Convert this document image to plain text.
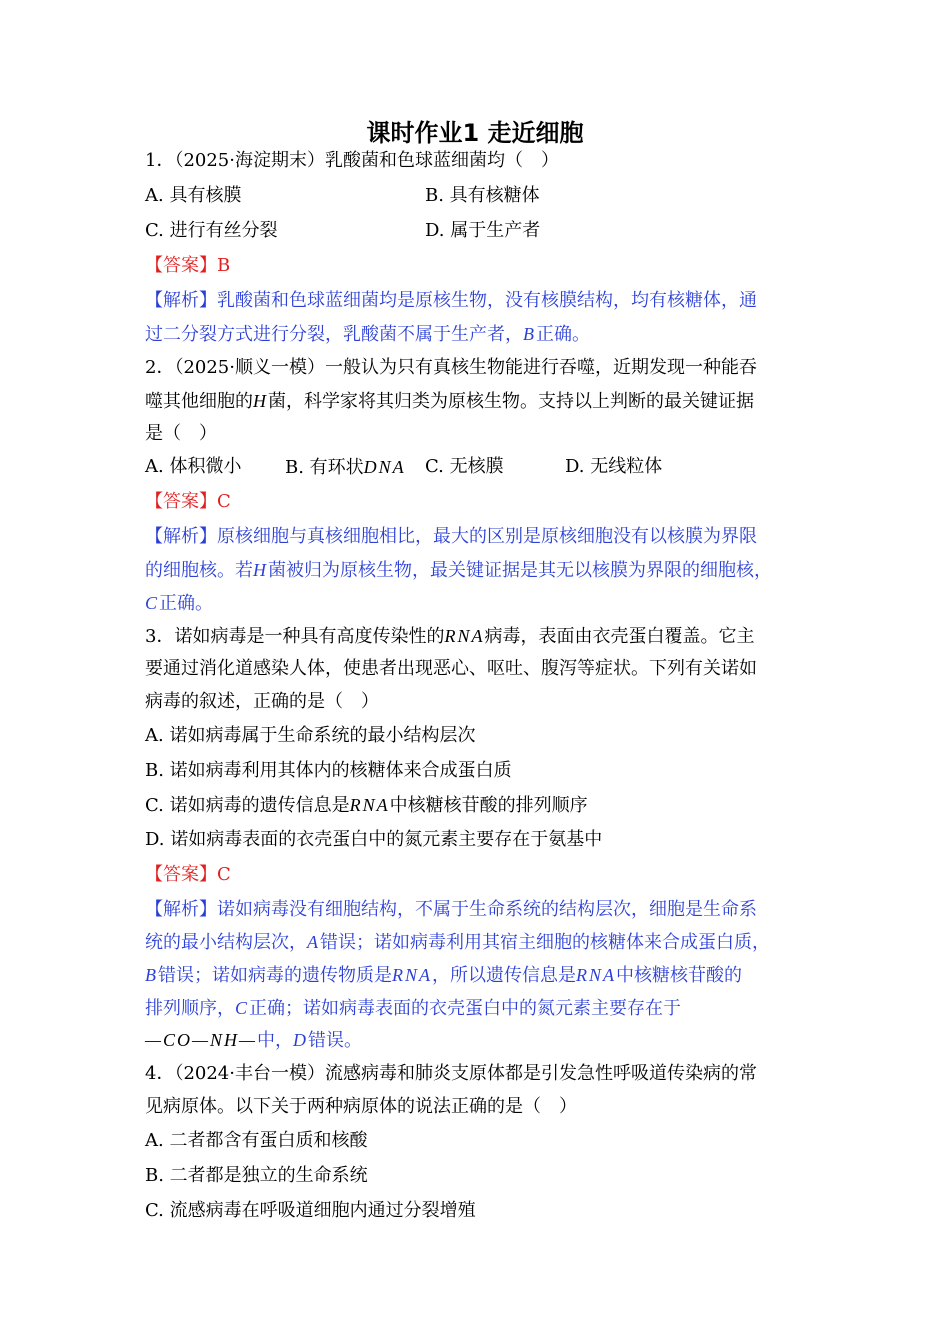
课时作业1 走近细胞
1．（2025·海淀期末）乳酸菌和色球蓝细菌均（　）
A. 具有核膜	B. 具有核糖体
C. 进行有丝分裂	D. 属于生产者
【答案】B
【解析】乳酸菌和色球蓝细菌均是原核生物，没有核膜结构，均有核糖体，通
过二分裂方式进行分裂，乳酸菌不属于生产者，B正确。
2．（2025·顺义一模）一般认为只有真核生物能进行吞噬，近期发现一种能吞
噬其他细胞的H菌，科学家将其归类为原核生物。支持以上判断的最关键证据
是（　）
A. 体积微小 B. 有环状DNA C. 无核膜	D. 无线粒体
【答案】C
【解析】原核细胞与真核细胞相比，最大的区别是原核细胞没有以核膜为界限
的细胞核。若H菌被归为原核生物，最关键证据是其无以核膜为界限的细胞核，
C正确。
3．诺如病毒是一种具有高度传染性的RNA病毒，表面由衣壳蛋白覆盖。它主
要通过消化道感染人体，使患者出现恶心、呕吐、腹泻等症状。下列有关诺如
病毒的叙述，正确的是（　）
A. 诺如病毒属于生命系统的最小结构层次
B. 诺如病毒利用其体内的核糖体来合成蛋白质
C. 诺如病毒的遗传信息是RNA中核糖核苷酸的排列顺序
D. 诺如病毒表面的衣壳蛋白中的氮元素主要存在于氨基中
【答案】C
【解析】诺如病毒没有细胞结构，不属于生命系统的结构层次，细胞是生命系
统的最小结构层次，A错误；诺如病毒利用其宿主细胞的核糖体来合成蛋白质，
B错误；诺如病毒的遗传物质是RNA，所以遗传信息是RNA中核糖核苷酸的
排列顺序，C正确；诺如病毒表面的衣壳蛋白中的氮元素主要存在于
—CO—NH—中，D错误。
4．（2024·丰台一模）流感病毒和肺炎支原体都是引发急性呼吸道传染病的常
见病原体。以下关于两种病原体的说法正确的是（　）
A. 二者都含有蛋白质和核酸
B. 二者都是独立的生命系统
C. 流感病毒在呼吸道细胞内通过分裂增殖
